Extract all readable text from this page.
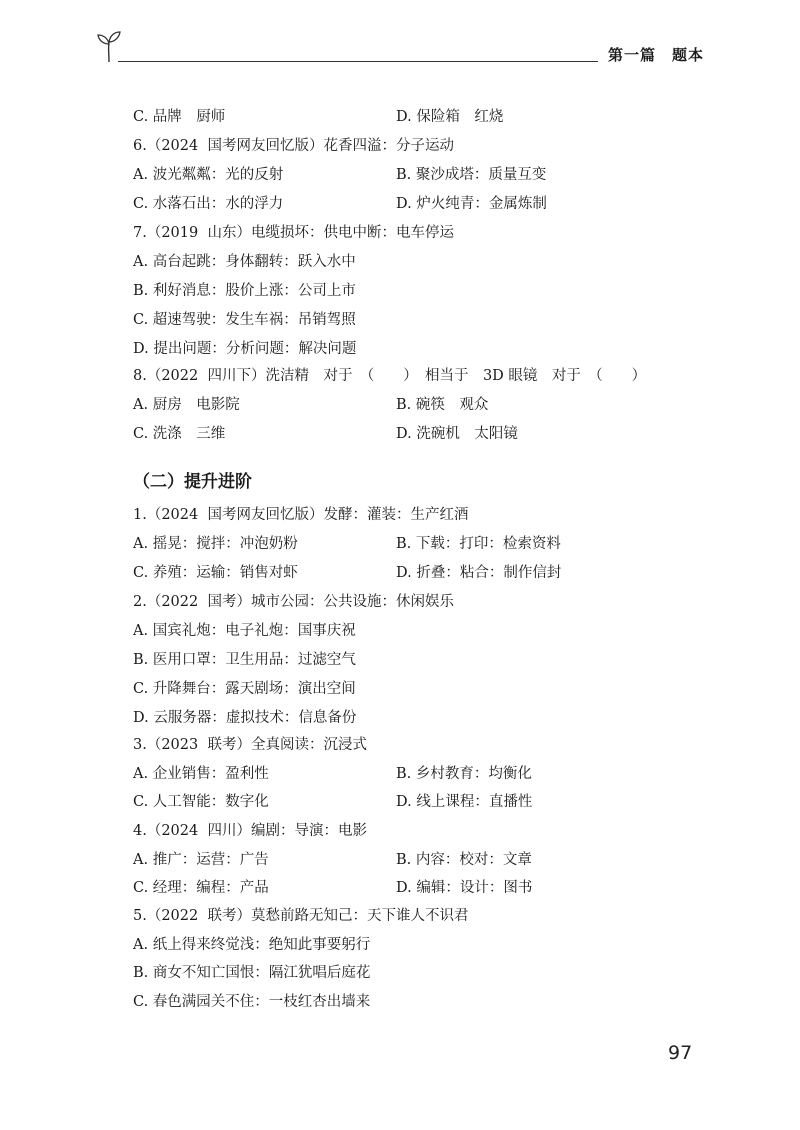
第一篇　题本
C. 品牌　厨师	D. 保险箱　红烧
6.（2024  国考网友回忆版）花香四溢：分子运动
A. 波光粼粼：光的反射	B. 聚沙成塔：质量互变
C. 水落石出：水的浮力	D. 炉火纯青：金属炼制
7.（2019  山东）电缆损坏：供电中断：电车停运
A. 高台起跳：身体翻转：跃入水中
B. 利好消息：股价上涨：公司上市
C. 超速驾驶：发生车祸：吊销驾照
D. 提出问题：分析问题：解决问题
8.（2022  四川下）洗洁精　对于　（　　）　相当于　3D 眼镜　对于　（　　）
A. 厨房　电影院	B. 碗筷　观众
C. 洗涤　三维	D. 洗碗机　太阳镜
（二）提升进阶
1.（2024  国考网友回忆版）发酵：灌装：生产红酒
A. 摇晃：搅拌：冲泡奶粉	B. 下载：打印：检索资料
C. 养殖：运输：销售对虾	D. 折叠：粘合：制作信封
2.（2022  国考）城市公园：公共设施：休闲娱乐
A. 国宾礼炮：电子礼炮：国事庆祝
B. 医用口罩：卫生用品：过滤空气
C. 升降舞台：露天剧场：演出空间
D. 云服务器：虚拟技术：信息备份
3.（2023  联考）全真阅读：沉浸式
A. 企业销售：盈利性	B. 乡村教育：均衡化
C. 人工智能：数字化	D. 线上课程：直播性
4.（2024  四川）编剧：导演：电影
A. 推广：运营：广告	B. 内容：校对：文章
C. 经理：编程：产品	D. 编辑：设计：图书
5.（2022  联考）莫愁前路无知己：天下谁人不识君
A. 纸上得来终觉浅：绝知此事要躬行
B. 商女不知亡国恨：隔江犹唱后庭花
C. 春色满园关不住：一枝红杏出墙来
97
